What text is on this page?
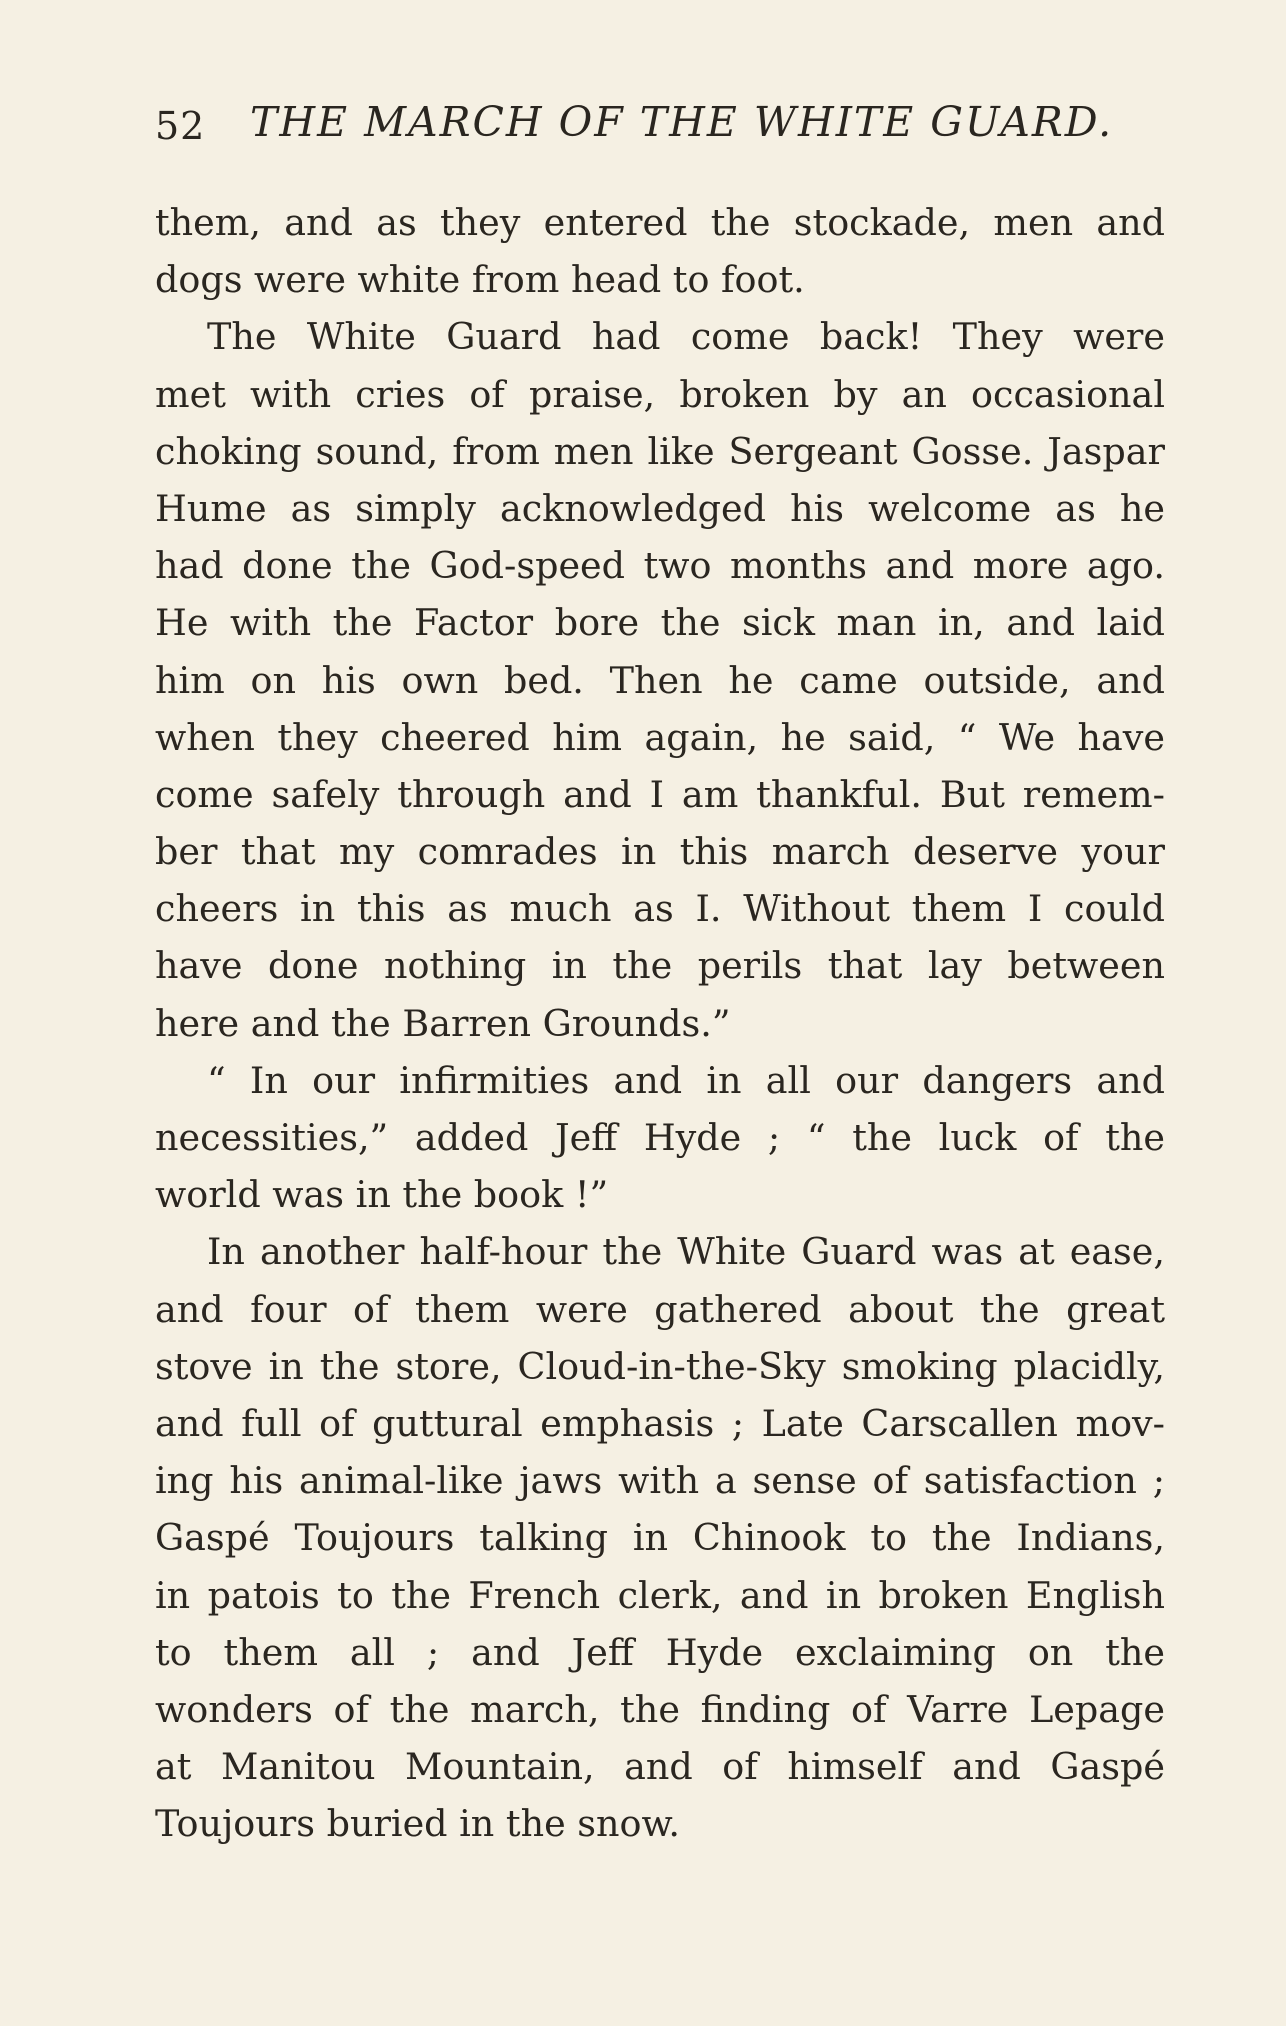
52 THE MARCH OF THE WHITE GUARD.
them, and as they entered the stockade, men and
dogs were white from head to foot.
The White Guard had come back! They were
met with cries of praise, broken by an occasional
choking sound, from men like Sergeant Gosse. Jaspar
Hume as simply acknowledged his welcome as he
had done the God-speed two months and more ago.
He with the Factor bore the sick man in, and laid
him on his own bed. Then he came outside, and
when they cheered him again, he said, “ We have
come safely through and I am thankful. But remem-
ber that my comrades in this march deserve your
cheers in this as much as I. Without them I could
have done nothing in the perils that lay between
here and the Barren Grounds.”
“ In our infirmities and in all our dangers and
necessities,” added Jeff Hyde ; “ the luck of the
world was in the book !”
In another half-hour the White Guard was at ease,
and four of them were gathered about the great
stove in the store, Cloud-in-the-Sky smoking placidly,
and full of guttural emphasis ; Late Carscallen mov-
ing his animal-like jaws with a sense of satisfaction ;
Gaspé Toujours talking in Chinook to the Indians,
in patois to the French clerk, and in broken English
to them all ; and Jeff Hyde exclaiming on the
wonders of the march, the finding of Varre Lepage
at Manitou Mountain, and of himself and Gaspé
Toujours buried in the snow.
